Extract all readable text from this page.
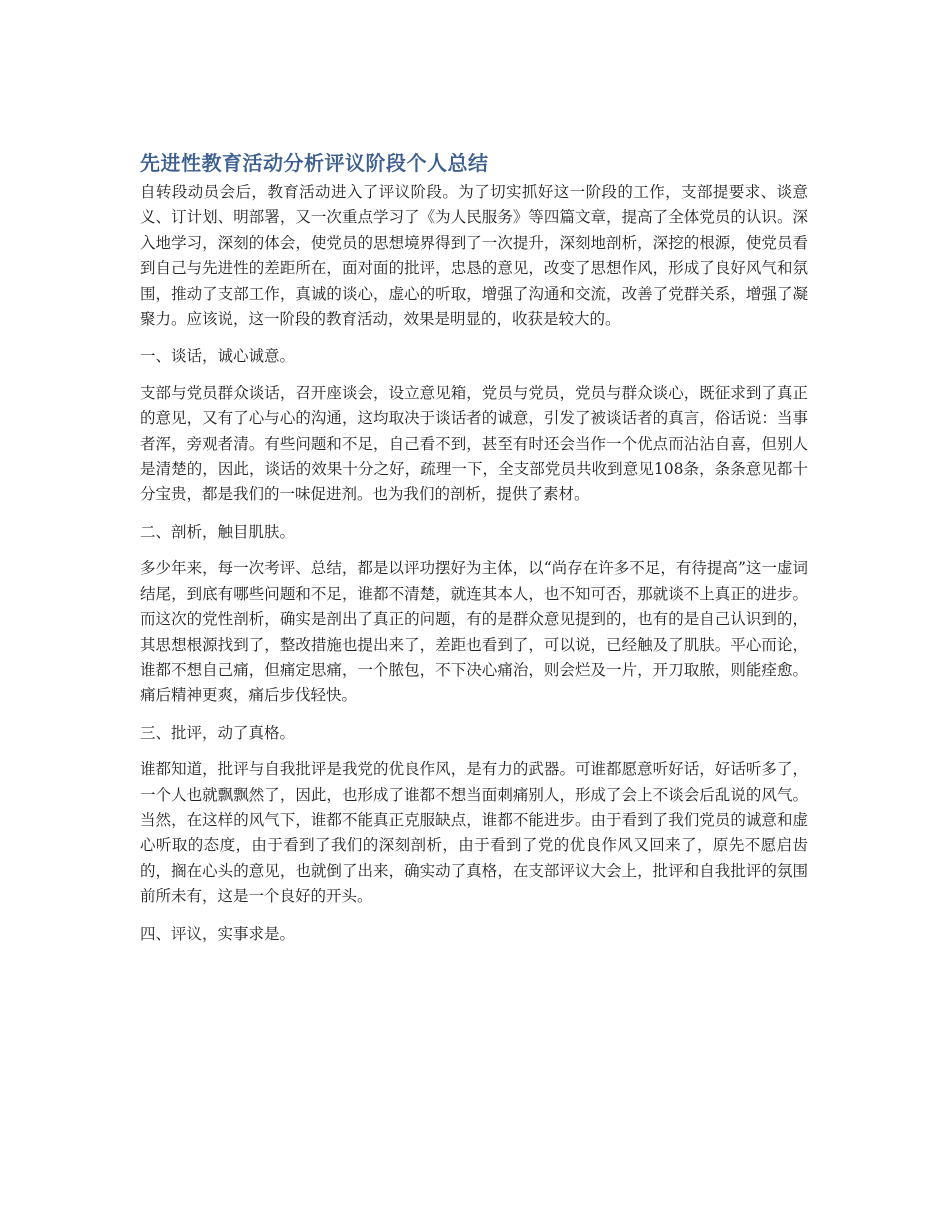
先进性教育活动分析评议阶段个人总结

自转段动员会后，教育活动进入了评议阶段。为了切实抓好这一阶段的工作，支部提要求、谈意义、订计划、明部署，又一次重点学习了《为人民服务》等四篇文章，提高了全体党员的认识。深入地学习，深刻的体会，使党员的思想境界得到了一次提升，深刻地剖析，深挖的根源，使党员看到自己与先进性的差距所在，面对面的批评，忠恳的意见，改变了思想作风，形成了良好风气和氛围，推动了支部工作，真诚的谈心，虚心的听取，增强了沟通和交流，改善了党群关系，增强了凝聚力。应该说，这一阶段的教育活动，效果是明显的，收获是较大的。

一、谈话，诚心诚意。

支部与党员群众谈话，召开座谈会，设立意见箱，党员与党员，党员与群众谈心，既征求到了真正的意见，又有了心与心的沟通，这均取决于谈话者的诚意，引发了被谈话者的真言，俗话说：当事者浑，旁观者清。有些问题和不足，自己看不到，甚至有时还会当作一个优点而沾沾自喜，但别人是清楚的，因此，谈话的效果十分之好，疏理一下，全支部党员共收到意见108条，条条意见都十分宝贵，都是我们的一味促进剂。也为我们的剖析，提供了素材。

二、剖析，触目肌肤。

多少年来，每一次考评、总结，都是以评功摆好为主体，以“尚存在许多不足，有待提高”这一虚词结尾，到底有哪些问题和不足，谁都不清楚，就连其本人，也不知可否，那就谈不上真正的进步。而这次的党性剖析，确实是剖出了真正的问题，有的是群众意见提到的，也有的是自己认识到的，其思想根源找到了，整改措施也提出来了，差距也看到了，可以说，已经触及了肌肤。平心而论，谁都不想自己痛，但痛定思痛，一个脓包，不下决心痛治，则会烂及一片，开刀取脓，则能痊愈。痛后精神更爽，痛后步伐轻快。

三、批评，动了真格。

谁都知道，批评与自我批评是我党的优良作风，是有力的武器。可谁都愿意听好话，好话听多了，一个人也就飘飘然了，因此，也形成了谁都不想当面刺痛别人，形成了会上不谈会后乱说的风气。当然，在这样的风气下，谁都不能真正克服缺点，谁都不能进步。由于看到了我们党员的诚意和虚心听取的态度，由于看到了我们的深刻剖析，由于看到了党的优良作风又回来了，原先不愿启齿的，搁在心头的意见，也就倒了出来，确实动了真格，在支部评议大会上，批评和自我批评的氛围前所未有，这是一个良好的开头。

四、评议，实事求是。
